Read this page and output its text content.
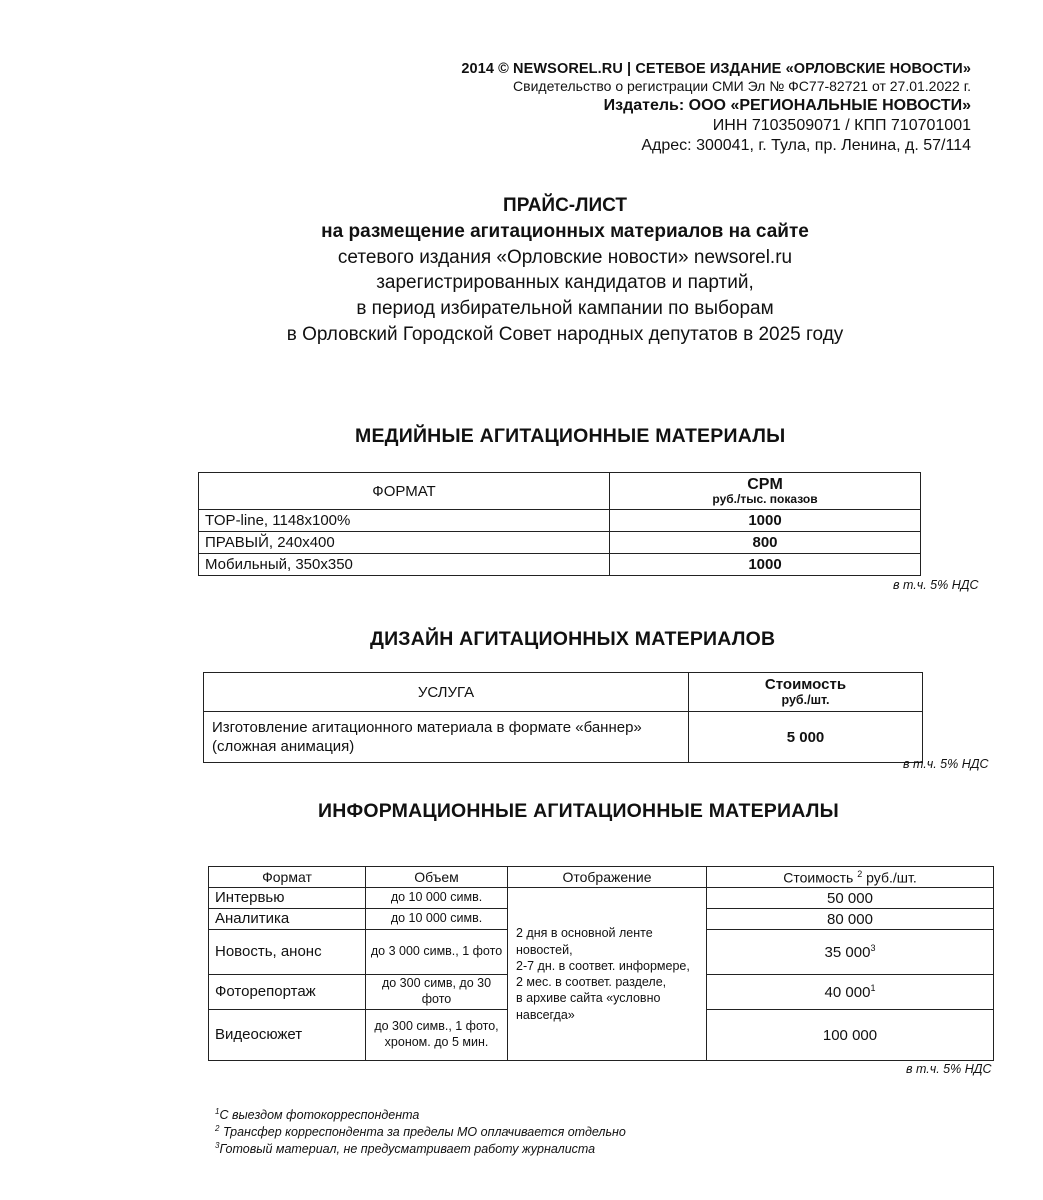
2014 © NEWSOREL.RU | СЕТЕВОЕ ИЗДАНИЕ «ОРЛОВСКИЕ НОВОСТИ»
Свидетельство о регистрации СМИ Эл № ФС77-82721 от 27.01.2022 г.
Издатель: ООО «РЕГИОНАЛЬНЫЕ НОВОСТИ»
ИНН 7103509071 / КПП 710701001
Адрес: 300041, г. Тула, пр. Ленина, д. 57/114
ПРАЙС-ЛИСТ
на размещение агитационных материалов на сайте
сетевого издания «Орловские новости» newsorel.ru
зарегистрированных кандидатов и партий,
в период избирательной кампании по выборам
в Орловский Городской Совет народных депутатов в 2025 году
МЕДИЙНЫЕ АГИТАЦИОННЫЕ МАТЕРИАЛЫ
ФОРМАТ	CPM
руб./тыс. показов

TOP-line, 1148x100%	1000
ПРАВЫЙ, 240x400	800
Мобильный, 350x350	1000
в т.ч. 5% НДС
ДИЗАЙН АГИТАЦИОННЫХ МАТЕРИАЛОВ
УСЛУГА	Стоимость
руб./шт.

Изготовление агитационного материала в формате «баннер» (сложная анимация)	5 000
в т.ч. 5% НДС
ИНФОРМАЦИОННЫЕ АГИТАЦИОННЫЕ МАТЕРИАЛЫ
Формат	Объем	Отображение	Стоимость $^2$ руб./шт.
Интервью	до 10 000 симв.	2 дня в основной ленте новостей,
2-7 дн. в соответ. информере,
2 мес. в соответ. разделе,
в архиве сайта «условно навсегда»	50 000
Аналитика	до 10 000 симв.		80 000
Новость, анонс	до 3 000 симв., 1 фото		35 $000^3$
Фоторепортаж	до 300 симв, до 30 фото		40 $000^1$
Видеосюжет	до 300 симв., 1 фото, хроном. до 5 мин.		100 000
в т.ч. 5% НДС
$^1$С выездом фотокорреспондента
$^2$ Трансфер корреспондента за пределы МО оплачивается отдельно
$^3$Готовый материал, не предусматривает работу журналиста
